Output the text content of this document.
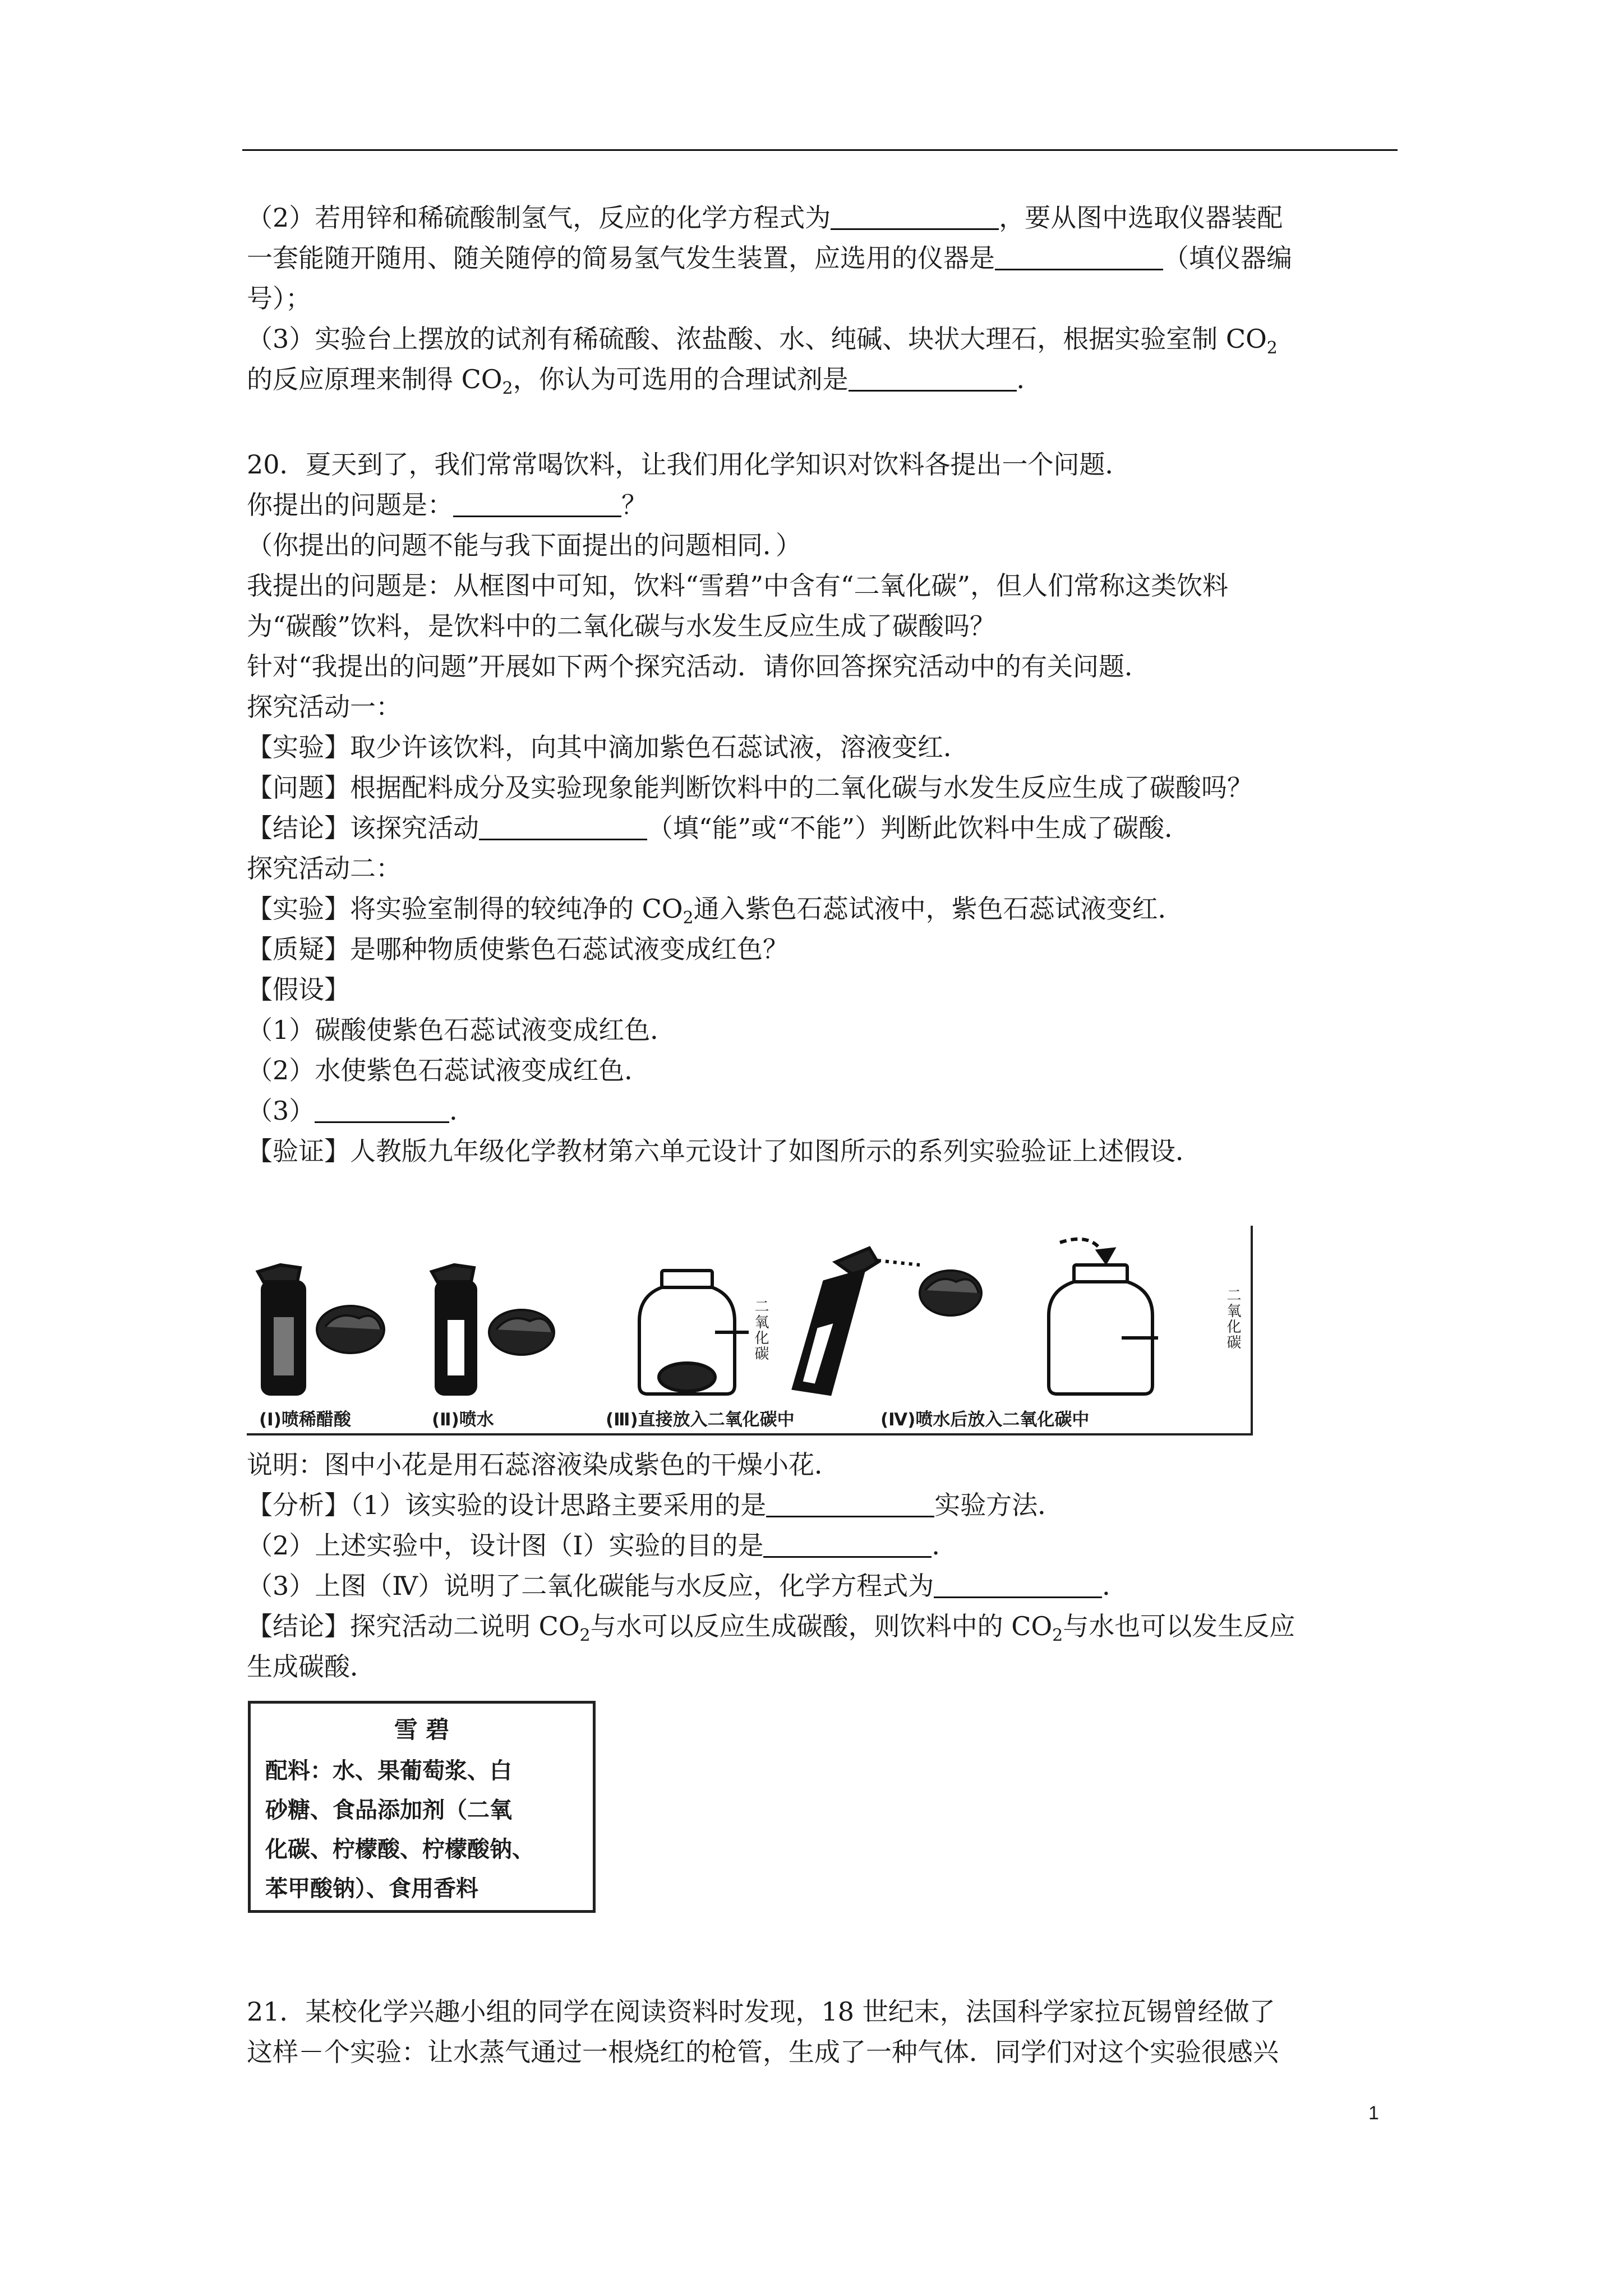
（2）若用锌和稀硫酸制氢气，反应的化学方程式为	，要从图中选取仪器装配
一套能随开随用、随关随停的简易氢气发生装置，应选用的仪器是	（填仪器编
号）；
（3）实验台上摆放的试剂有稀硫酸、浓盐酸、水、纯碱、块状大理石，根据实验室制 $CO_2$
的反应原理来制得 $CO_2$，你认为可选用的合理试剂是	．
20．夏天到了，我们常常喝饮料，让我们用化学知识对饮料各提出一个问题．
你提出的问题是：	？
（你提出的问题不能与我下面提出的问题相同．）
我提出的问题是：从框图中可知，饮料“雪碧”中含有“二氧化碳”，但人们常称这类饮料
为“碳酸”饮料，是饮料中的二氧化碳与水发生反应生成了碳酸吗？
针对“我提出的问题”开展如下两个探究活动．请你回答探究活动中的有关问题．
探究活动一：
【实验】取少许该饮料，向其中滴加紫色石蕊试液，溶液变红．
【问题】根据配料成分及实验现象能判断饮料中的二氧化碳与水发生反应生成了碳酸吗？
【结论】该探究活动	（填“能”或“不能”）判断此饮料中生成了碳酸．
探究活动二：
【实验】将实验室制得的较纯净的 $CO_2$通入紫色石蕊试液中，紫色石蕊试液变红．
【质疑】是哪种物质使紫色石蕊试液变成红色？
【假设】
（1）碳酸使紫色石蕊试液变成红色．
（2）水使紫色石蕊试液变成红色．
（3）	．
【验证】人教版九年级化学教材第六单元设计了如图所示的系列实验验证上述假设．
二氧化碳	二氧化碳
(Ⅰ)喷稀醋酸	(Ⅱ)喷水	(Ⅲ)直接放入二氧化碳中	(Ⅳ)喷水后放入二氧化碳中
说明：图中小花是用石蕊溶液染成紫色的干燥小花．
【分析】（1）该实验的设计思路主要采用的是	实验方法．
（2）上述实验中，设计图（Ⅰ）实验的目的是	．
（3）上图（Ⅳ）说明了二氧化碳能与水反应，化学方程式为	．
【结论】探究活动二说明 $CO_2$与水可以反应生成碳酸，则饮料中的 $CO_2$与水也可以发生反应
生成碳酸．
雪 碧
配料：水、果葡萄浆、白
砂糖、食品添加剂（二氧
化碳、柠檬酸、柠檬酸钠、
苯甲酸钠）、食用香料
21．某校化学兴趣小组的同学在阅读资料时发现，18 世纪末，法国科学家拉瓦锡曾经做了
这样－个实验：让水蒸气通过一根烧红的枪管，生成了一种气体．同学们对这个实验很感兴
1
